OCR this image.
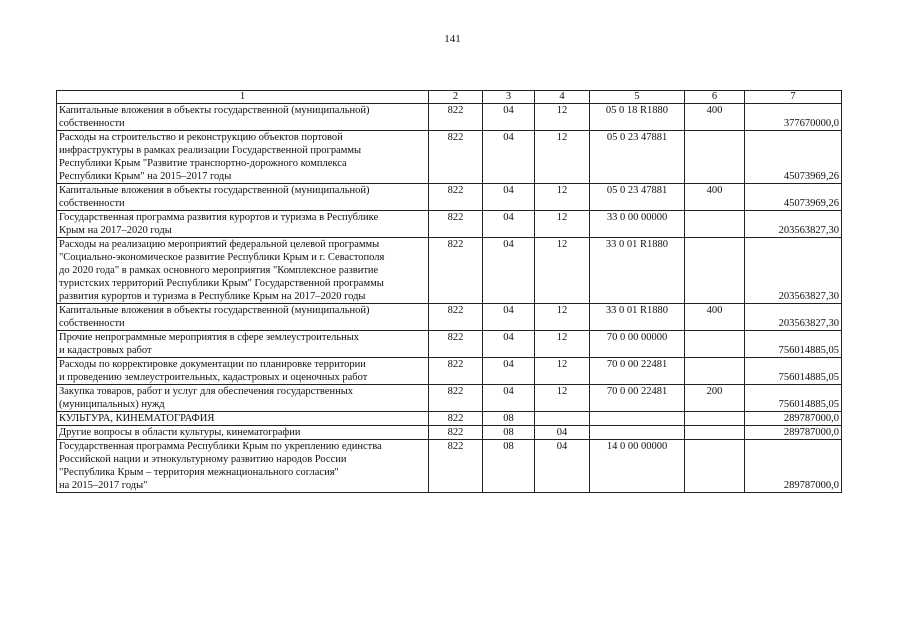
141
1	2	3	4	5	6	7
Капитальные вложения в объекты государственной (муниципальной)
собственности	822	04	12	05 0 18 R1880	400	377670000,0
Расходы на строительство и реконструкцию объектов портовой
инфраструктуры в рамках реализации Государственной программы
Республики Крым "Развитие транспортно-дорожного комплекса
Республики Крым" на 2015–2017 годы	822	04	12	05 0 23 47881		45073969,26
Капитальные вложения в объекты государственной (муниципальной)
собственности	822	04	12	05 0 23 47881	400	45073969,26
Государственная программа развития курортов и туризма в Республике
Крым на 2017–2020 годы	822	04	12	33 0 00 00000		203563827,30
Расходы на реализацию мероприятий федеральной целевой программы
"Социально-экономическое развитие Республики Крым и г. Севастополя
до 2020 года" в рамках основного мероприятия "Комплексное развитие
туристских территорий Республики Крым" Государственной программы
развития курортов и туризма в Республике Крым на 2017–2020 годы	822	04	12	33 0 01 R1880		203563827,30
Капитальные вложения в объекты государственной (муниципальной)
собственности	822	04	12	33 0 01 R1880	400	203563827,30
Прочие непрограммные мероприятия в сфере землеустроительных
и кадастровых работ	822	04	12	70 0 00 00000		756014885,05
Расходы по корректировке документации по планировке территории
и проведению землеустроительных, кадастровых и оценочных работ	822	04	12	70 0 00 22481		756014885,05
Закупка товаров, работ и услуг для обеспечения государственных
(муниципальных) нужд	822	04	12	70 0 00 22481	200	756014885,05
КУЛЬТУРА, КИНЕМАТОГРАФИЯ	822	08				289787000,0
Другие вопросы в области культуры, кинематографии	822	08	04			289787000,0
Государственная программа Республики Крым по укреплению единства
Российской нации и этнокультурному развитию народов России
"Республика Крым – территория межнационального согласия"
на 2015–2017 годы"	822	08	04	14 0 00 00000		289787000,0
